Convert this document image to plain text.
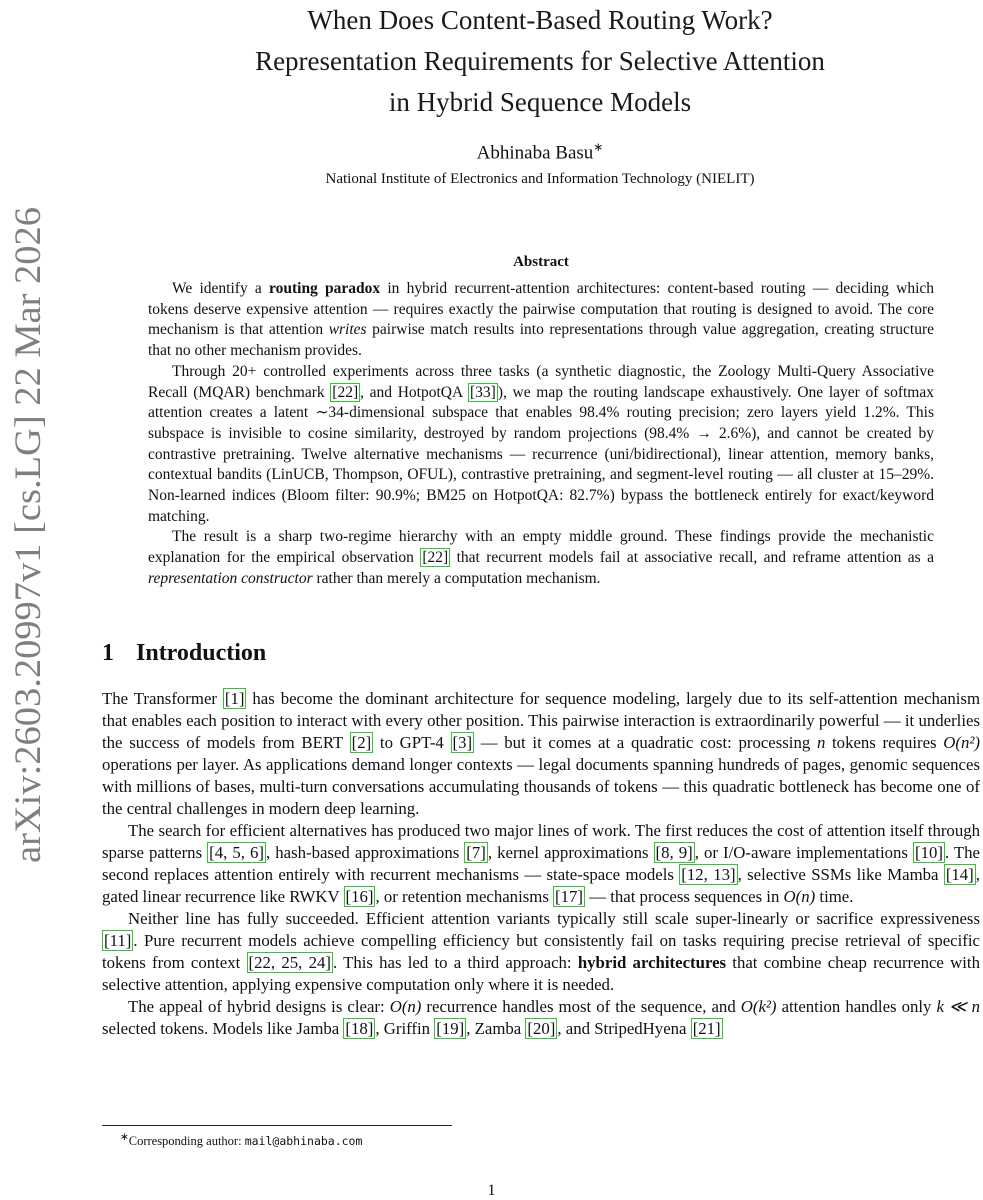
arXiv:2603.20997v1 [cs.LG] 22 Mar 2026
When Does Content-Based Routing Work?
Representation Requirements for Selective Attention
in Hybrid Sequence Models
Abhinaba Basu∗
National Institute of Electronics and Information Technology (NIELIT)
Abstract

We identify a routing paradox in hybrid recurrent-attention architectures: content-based routing — deciding which tokens deserve expensive attention — requires exactly the pairwise computation that routing is designed to avoid. The core mechanism is that attention writes pairwise match results into representations through value aggregation, creating structure that no other mechanism provides.

Through 20+ controlled experiments across three tasks (a synthetic diagnostic, the Zoology Multi-Query Associative Recall (MQAR) benchmark [22] , and HotpotQA [33] ), we map the routing landscape exhaustively. One layer of softmax attention creates a latent ∼34-dimensional subspace that enables 98.4% routing precision; zero layers yield 1.2%. This subspace is invisible to cosine similarity, destroyed by random projections (98.4% → 2.6%), and cannot be created by contrastive pretraining. Twelve alternative mechanisms — recurrence (uni/bidirectional), linear attention, memory banks, contextual bandits (LinUCB, Thompson, OFUL), contrastive pretraining, and segment-level routing — all cluster at 15–29%. Non-learned indices (Bloom filter: 90.9%; BM25 on HotpotQA: 82.7%) bypass the bottleneck entirely for exact/keyword matching.

The result is a sharp two-regime hierarchy with an empty middle ground. These findings provide the mechanistic explanation for the empirical observation [22] that recurrent models fail at associative recall, and reframe attention as a representation constructor rather than merely a computation mechanism.

1 Introduction

The Transformer [1] has become the dominant architecture for sequence modeling, largely due to its self-attention mechanism that enables each position to interact with every other position. This pairwise interaction is extraordinarily powerful — it underlies the success of models from BERT [2] to GPT-4 [3] — but it comes at a quadratic cost: processing n tokens requires O(n²) operations per layer. As applications demand longer contexts — legal documents spanning hundreds of pages, genomic sequences with millions of bases, multi-turn conversations accumulating thousands of tokens — this quadratic bottleneck has become one of the central challenges in modern deep learning.

The search for efficient alternatives has produced two major lines of work. The first reduces the cost of attention itself through sparse patterns [4, 5, 6] , hash-based approximations [7] , kernel approximations [8, 9] , or I/O-aware implementations [10] . The second replaces attention entirely with recurrent mechanisms — state-space models [12, 13] , selective SSMs like Mamba [14] , gated linear recurrence like RWKV [16] , or retention mechanisms [17] — that process sequences in O(n) time.

Neither line has fully succeeded. Efficient attention variants typically still scale super-linearly or sacrifice expressiveness [11] . Pure recurrent models achieve compelling efficiency but consistently fail on tasks requiring precise retrieval of specific tokens from context [22, 25, 24] . This has led to a third approach: hybrid architectures that combine cheap recurrence with selective attention, applying expensive computation only where it is needed.

The appeal of hybrid designs is clear: O(n) recurrence handles most of the sequence, and O(k²) attention handles only k ≪ n selected tokens. Models like Jamba [18] , Griffin [19] , Zamba [20] , and StripedHyena [21]

∗Corresponding author: mail@abhinaba.com
1
